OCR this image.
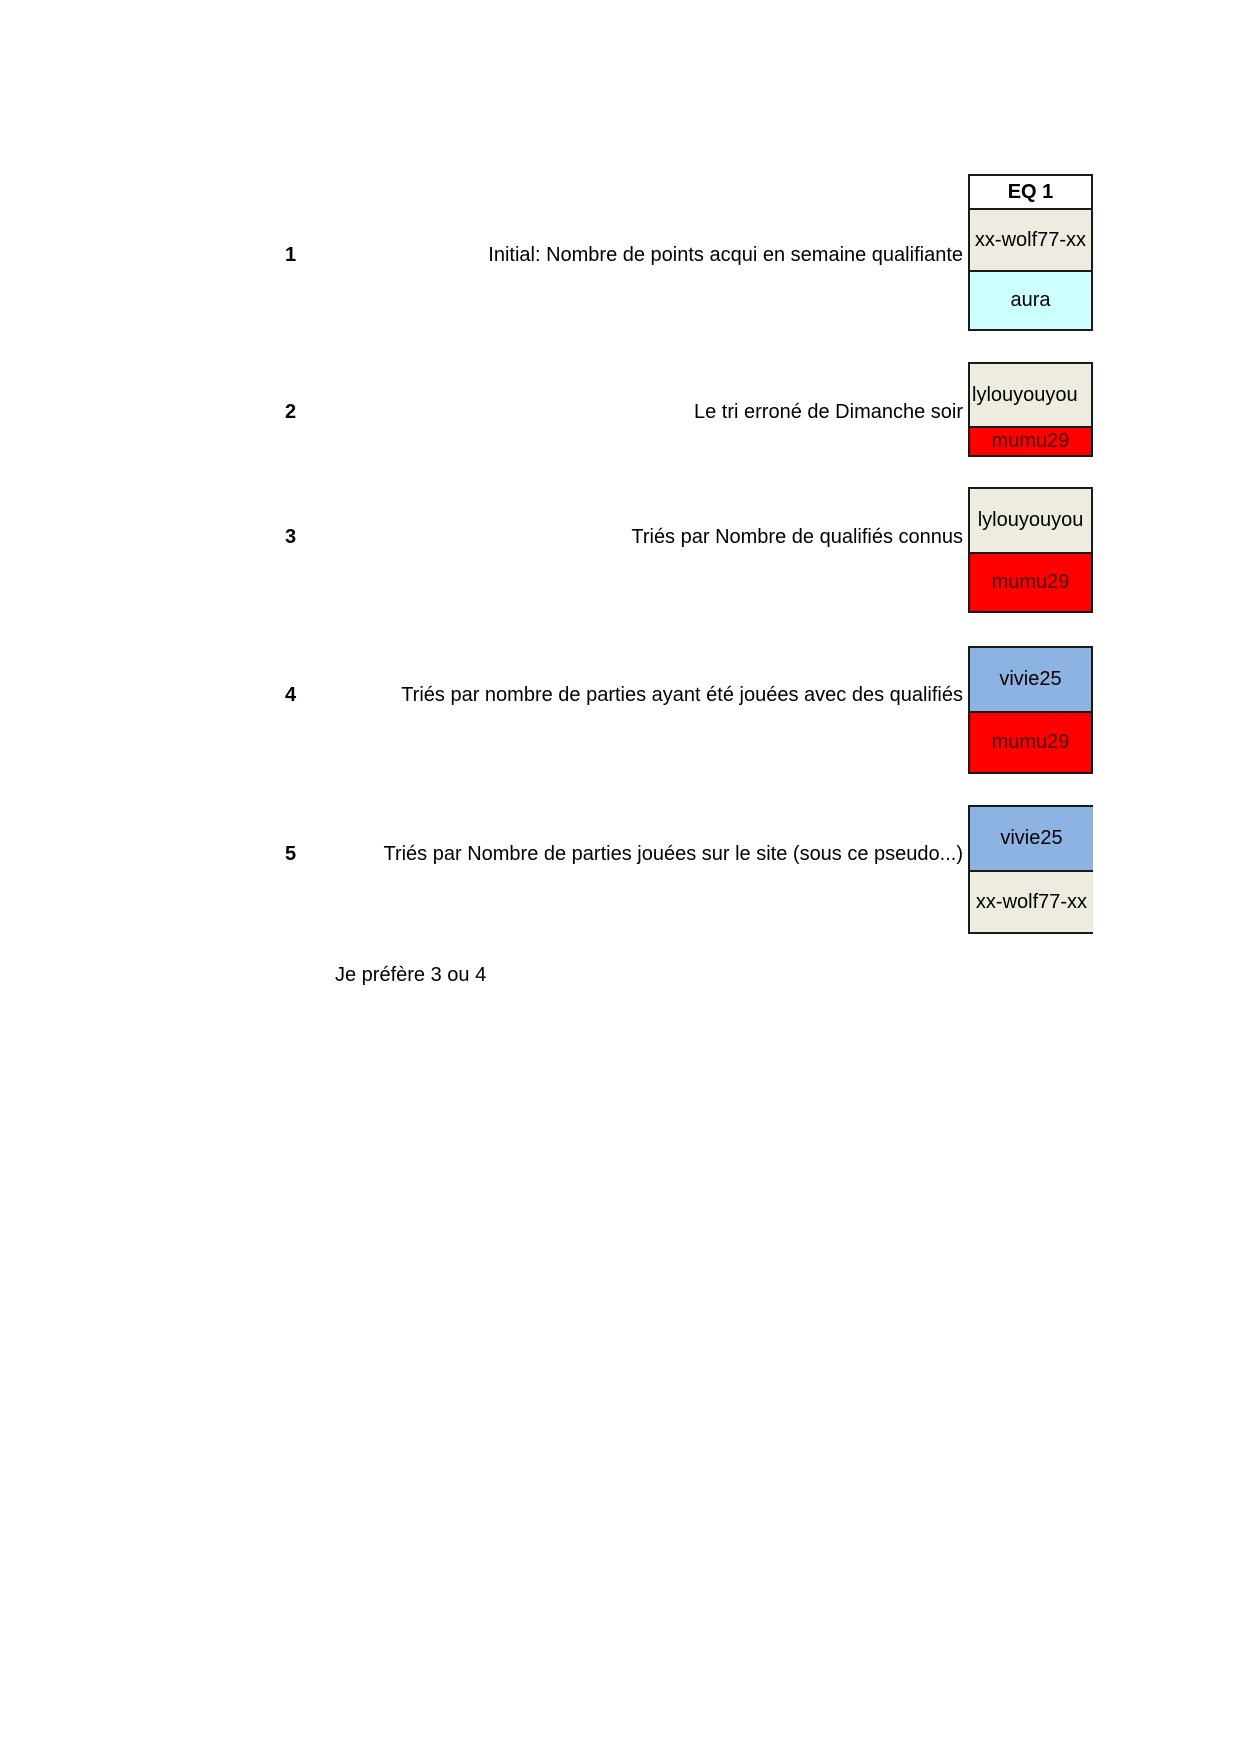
1	Initial: Nombre de points acqui en semaine qualifiante
EQ 1
xx-wolf77-xx
aura
2	Le tri erroné de Dimanche soir
lylouyouyou
mumu29
3	Triés par Nombre de qualifiés connus
lylouyouyou
mumu29
4	Triés par nombre de parties ayant été jouées avec des qualifiés
vivie25
mumu29
5	Triés par Nombre de parties jouées sur le site (sous ce pseudo...)
vivie25
xx-wolf77-xx
Je préfère 3 ou 4
